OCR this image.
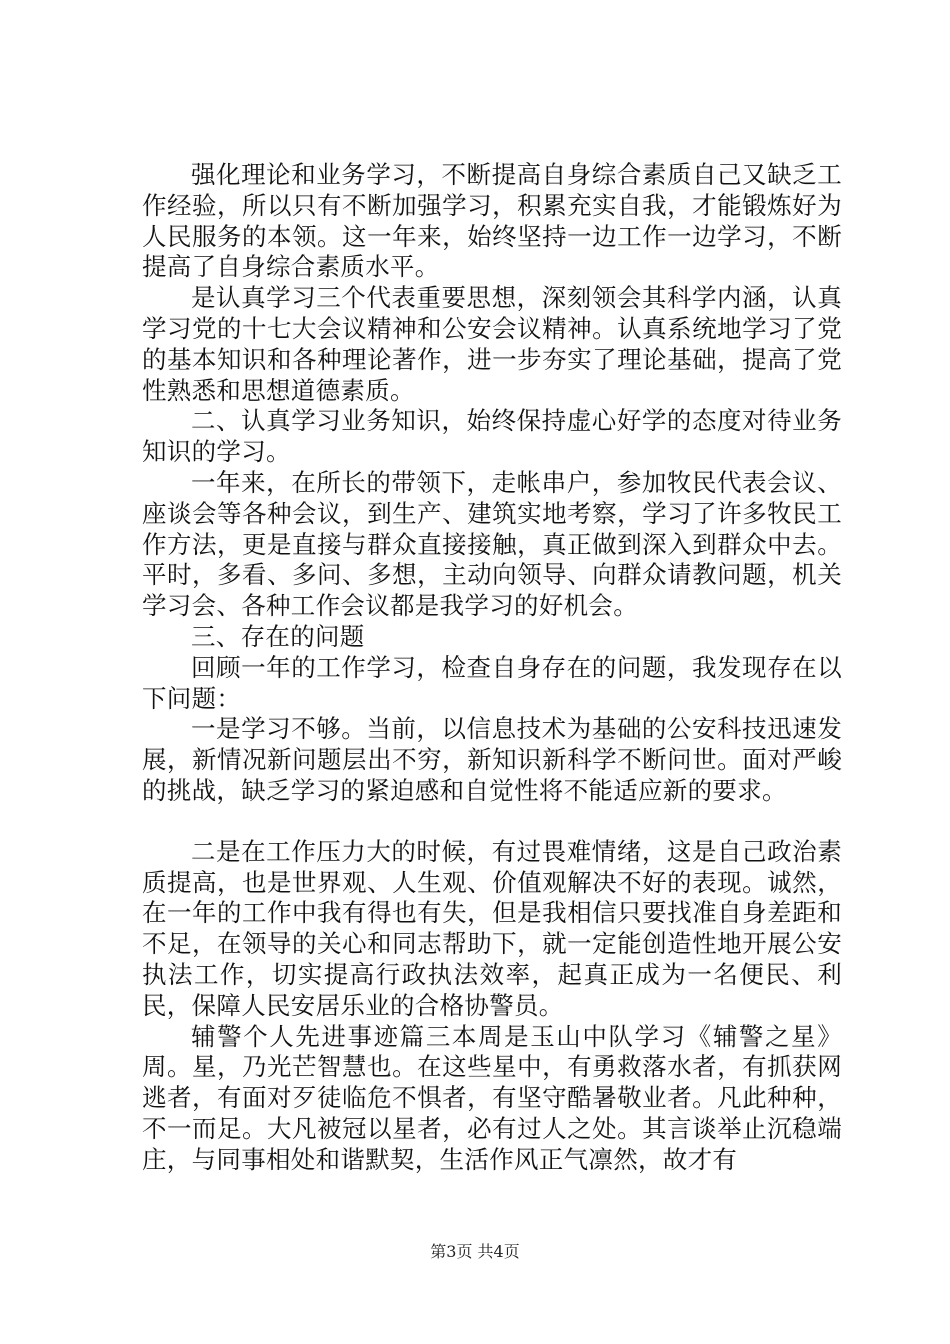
强化理论和业务学习，不断提高自身综合素质自己又缺乏工作经验，所以只有不断加强学习，积累充实自我，才能锻炼好为人民服务的本领。这一年来，始终坚持一边工作一边学习，不断提高了自身综合素质水平。

是认真学习三个代表重要思想，深刻领会其科学内涵，认真学习党的十七大会议精神和公安会议精神。认真系统地学习了党的基本知识和各种理论著作，进一步夯实了理论基础，提高了党性熟悉和思想道德素质。

二、认真学习业务知识，始终保持虚心好学的态度对待业务知识的学习。

一年来，在所长的带领下，走帐串户，参加牧民代表会议、座谈会等各种会议，到生产、建筑实地考察，学习了许多牧民工作方法，更是直接与群众直接接触，真正做到深入到群众中去。平时，多看、多问、多想，主动向领导、向群众请教问题，机关学习会、各种工作会议都是我学习的好机会。

三、存在的问题

回顾一年的工作学习，检查自身存在的问题，我发现存在以下问题：

一是学习不够。当前，以信息技术为基础的公安科技迅速发展，新情况新问题层出不穷，新知识新科学不断问世。面对严峻的挑战，缺乏学习的紧迫感和自觉性将不能适应新的要求。

二是在工作压力大的时候，有过畏难情绪，这是自己政治素质提高，也是世界观、人生观、价值观解决不好的表现。诚然，在一年的工作中我有得也有失，但是我相信只要找准自身差距和不足，在领导的关心和同志帮助下，就一定能创造性地开展公安执法工作，切实提高行政执法效率，起真正成为一名便民、利民，保障人民安居乐业的合格协警员。

辅警个人先进事迹篇三本周是玉山中队学习《辅警之星》周。星，乃光芒智慧也。在这些星中，有勇救落水者，有抓获网逃者，有面对歹徒临危不惧者，有坚守酷暑敬业者。凡此种种，不一而足。大凡被冠以星者，必有过人之处。其言谈举止沉稳端庄，与同事相处和谐默契，生活作风正气凛然，故才有

第3页 共4页
